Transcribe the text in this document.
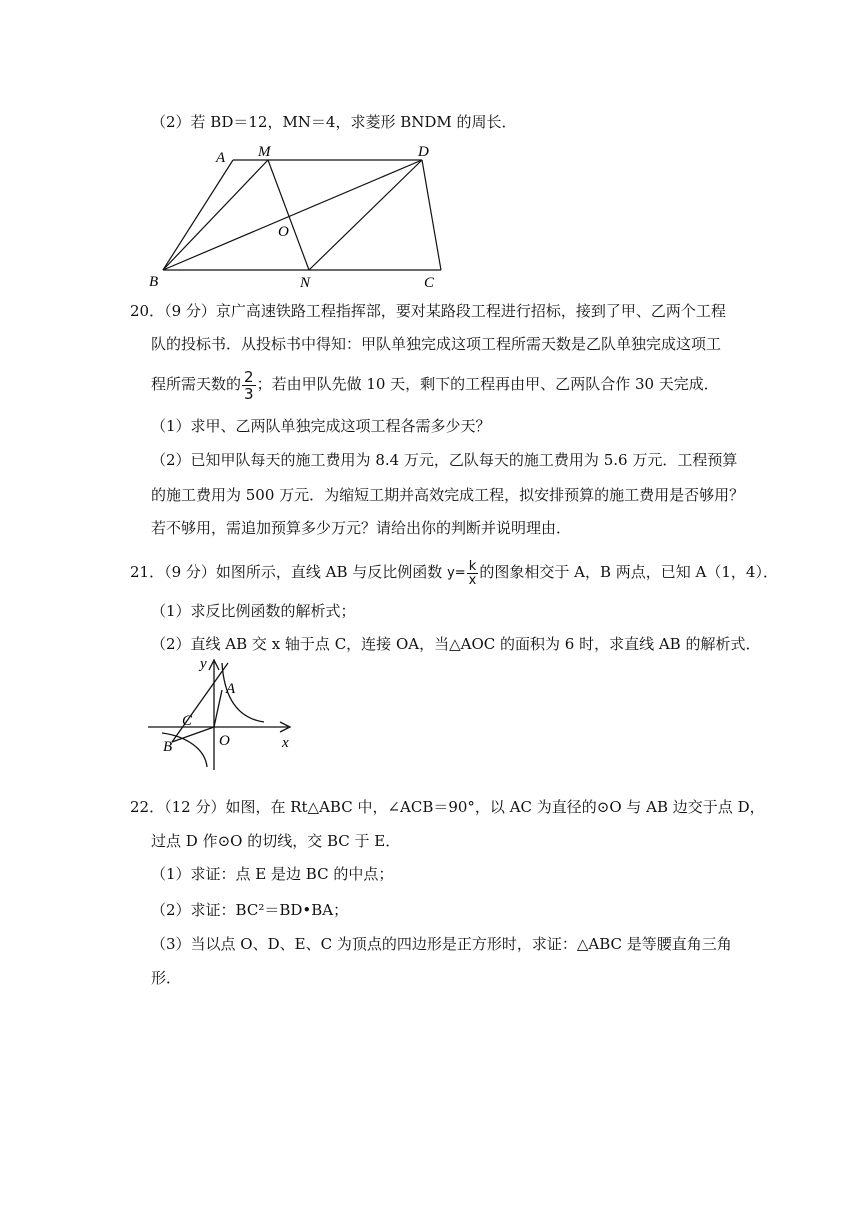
（2）若 BD＝12，MN＝4，求菱形 BNDM 的周长．
A M	D
O
B	N	C
20．（9 分）京广高速铁路工程指挥部，要对某路段工程进行招标，接到了甲、乙两个工程
队的投标书．从投标书中得知：甲队单独完成这项工程所需天数是乙队单独完成这项工
程所需天数的 $\frac{2}{3}$ ；若由甲队先做 10 天，剩下的工程再由甲、乙两队合作 30 天完成．
（1）求甲、乙两队单独完成这项工程各需多少天？
（2）已知甲队每天的施工费用为 8.4 万元，乙队每天的施工费用为 5.6 万元．工程预算
的施工费用为 500 万元．为缩短工期并高效完成工程，拟安排预算的施工费用是否够用？
若不够用，需追加预算多少万元？请给出你的判断并说明理由．
21．（9 分）如图所示，直线 AB 与反比例函数 $y= \frac{k}{x}$ 的图象相交于 A，B 两点，已知 A（1，4）．
（1）求反比例函数的解析式；
（2）直线 AB 交 x 轴于点 C，连接 OA，当△AOC 的面积为 6 时，求直线 AB 的解析式．
y
A
C
B	O	x
22．（12 分）如图，在 Rt△ABC 中，∠ACB＝90°，以 AC 为直径的⊙O 与 AB 边交于点 D，
过点 D 作⊙O 的切线，交 BC 于 E．
（1）求证：点 E 是边 BC 的中点；
（2）求证：BC²＝BD•BA；
（3）当以点 O、D、E、C 为顶点的四边形是正方形时，求证：△ABC 是等腰直角三角
形．
